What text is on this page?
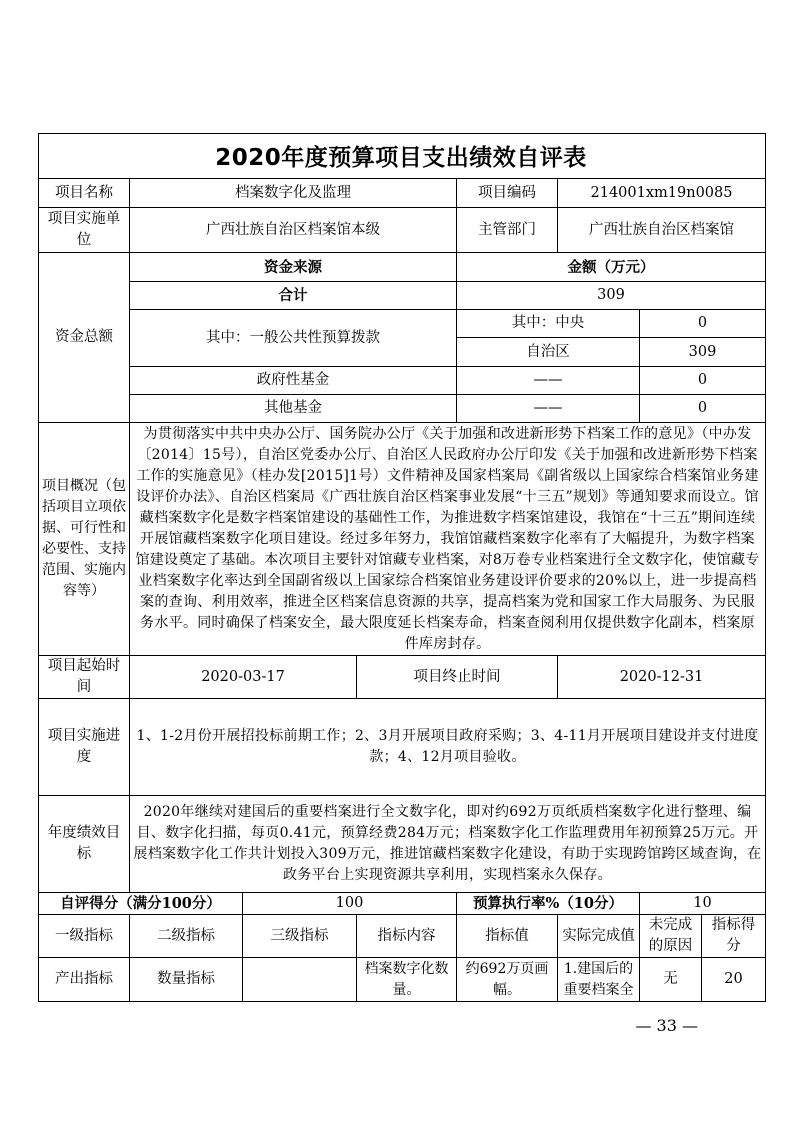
项目名称	档案数字化及监理			项目编码	214001xm19n0085		
项目实施单位	广西壮族自治区档案馆本级			主管部门	广西壮族自治区档案馆		
资金总额	资金来源			金额（万元）			
	合计			309			
	其中：一般公共性预算拨款			其中：中央		0	
				自治区		309	
	政府性基金			——		0	
	其他基金			——		0	
项目概况（包括项目立项依据、可行性和必要性、支持范围、实施内容等）	为贯彻落实中共中央办公厅、国务院办公厅《关于加强和改进新形势下档案工作的意见》（中办发〔2014〕15号），自治区党委办公厅、自治区人民政府办公厅印发《关于加强和改进新形势下档案工作的实施意见》（桂办发[2015]1号）文件精神及国家档案局《副省级以上国家综合档案馆业务建设评价办法》、自治区档案局《广西壮族自治区档案事业发展“十三五”规划》等通知要求而设立。馆藏档案数字化是数字档案馆建设的基础性工作，为推进数字档案馆建设，我馆在“十三五”期间连续开展馆藏档案数字化项目建设。经过多年努力，我馆馆藏档案数字化率有了大幅提升，为数字档案馆建设奠定了基础。本次项目主要针对馆藏专业档案，对8万卷专业档案进行全文数字化，使馆藏专业档案数字化率达到全国副省级以上国家综合档案馆业务建设评价要求的20%以上，进一步提高档案的查询、利用效率，推进全区档案信息资源的共享，提高档案为党和国家工作大局服务、为民服务水平。同时确保了档案安全，最大限度延长档案寿命，档案查阅利用仅提供数字化副本，档案原件库房封存。						
项目起始时间	2020-03-17		项目终止时间		2020-12-31		
项目实施进度	1、1-2月份开展招投标前期工作；2、3月开展项目政府采购；3、4-11月开展项目建设并支付进度款；4、12月项目验收。						
年度绩效目标	2020年继续对建国后的重要档案进行全文数字化，即对约692万页纸质档案数字化进行整理、编目、数字化扫描，每页0.41元，预算经费284万元；档案数字化工作监理费用年初预算25万元。开展档案数字化工作共计划投入309万元，推进馆藏档案数字化建设，有助于实现跨馆跨区域查询，在政务平台上实现资源共享利用，实现档案永久保存。						
自评得分（满分100分）		100		预算执行率%（10分）		10	
一级指标	二级指标	三级指标	指标内容	指标值	实际完成值	未完成的原因	指标得分
产出指标	数量指标		档案数字化数量。	约692万页画幅。	1.建国后的重要档案全	无	20
2020年度预算项目支出绩效自评表
— 33 —
